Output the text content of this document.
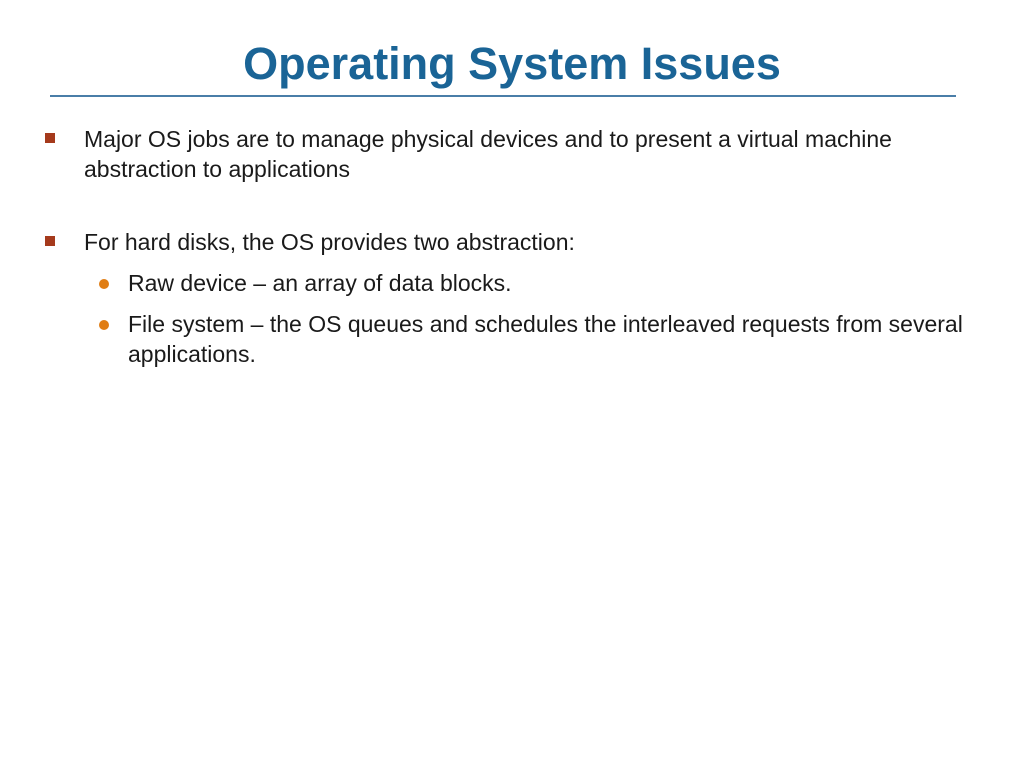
Operating System Issues
Major OS jobs are to manage physical devices and to present a virtual machine abstraction to applications
For hard disks, the OS provides two abstraction:
Raw device – an array of data blocks.
File system – the OS queues and schedules the interleaved requests from several applications.
